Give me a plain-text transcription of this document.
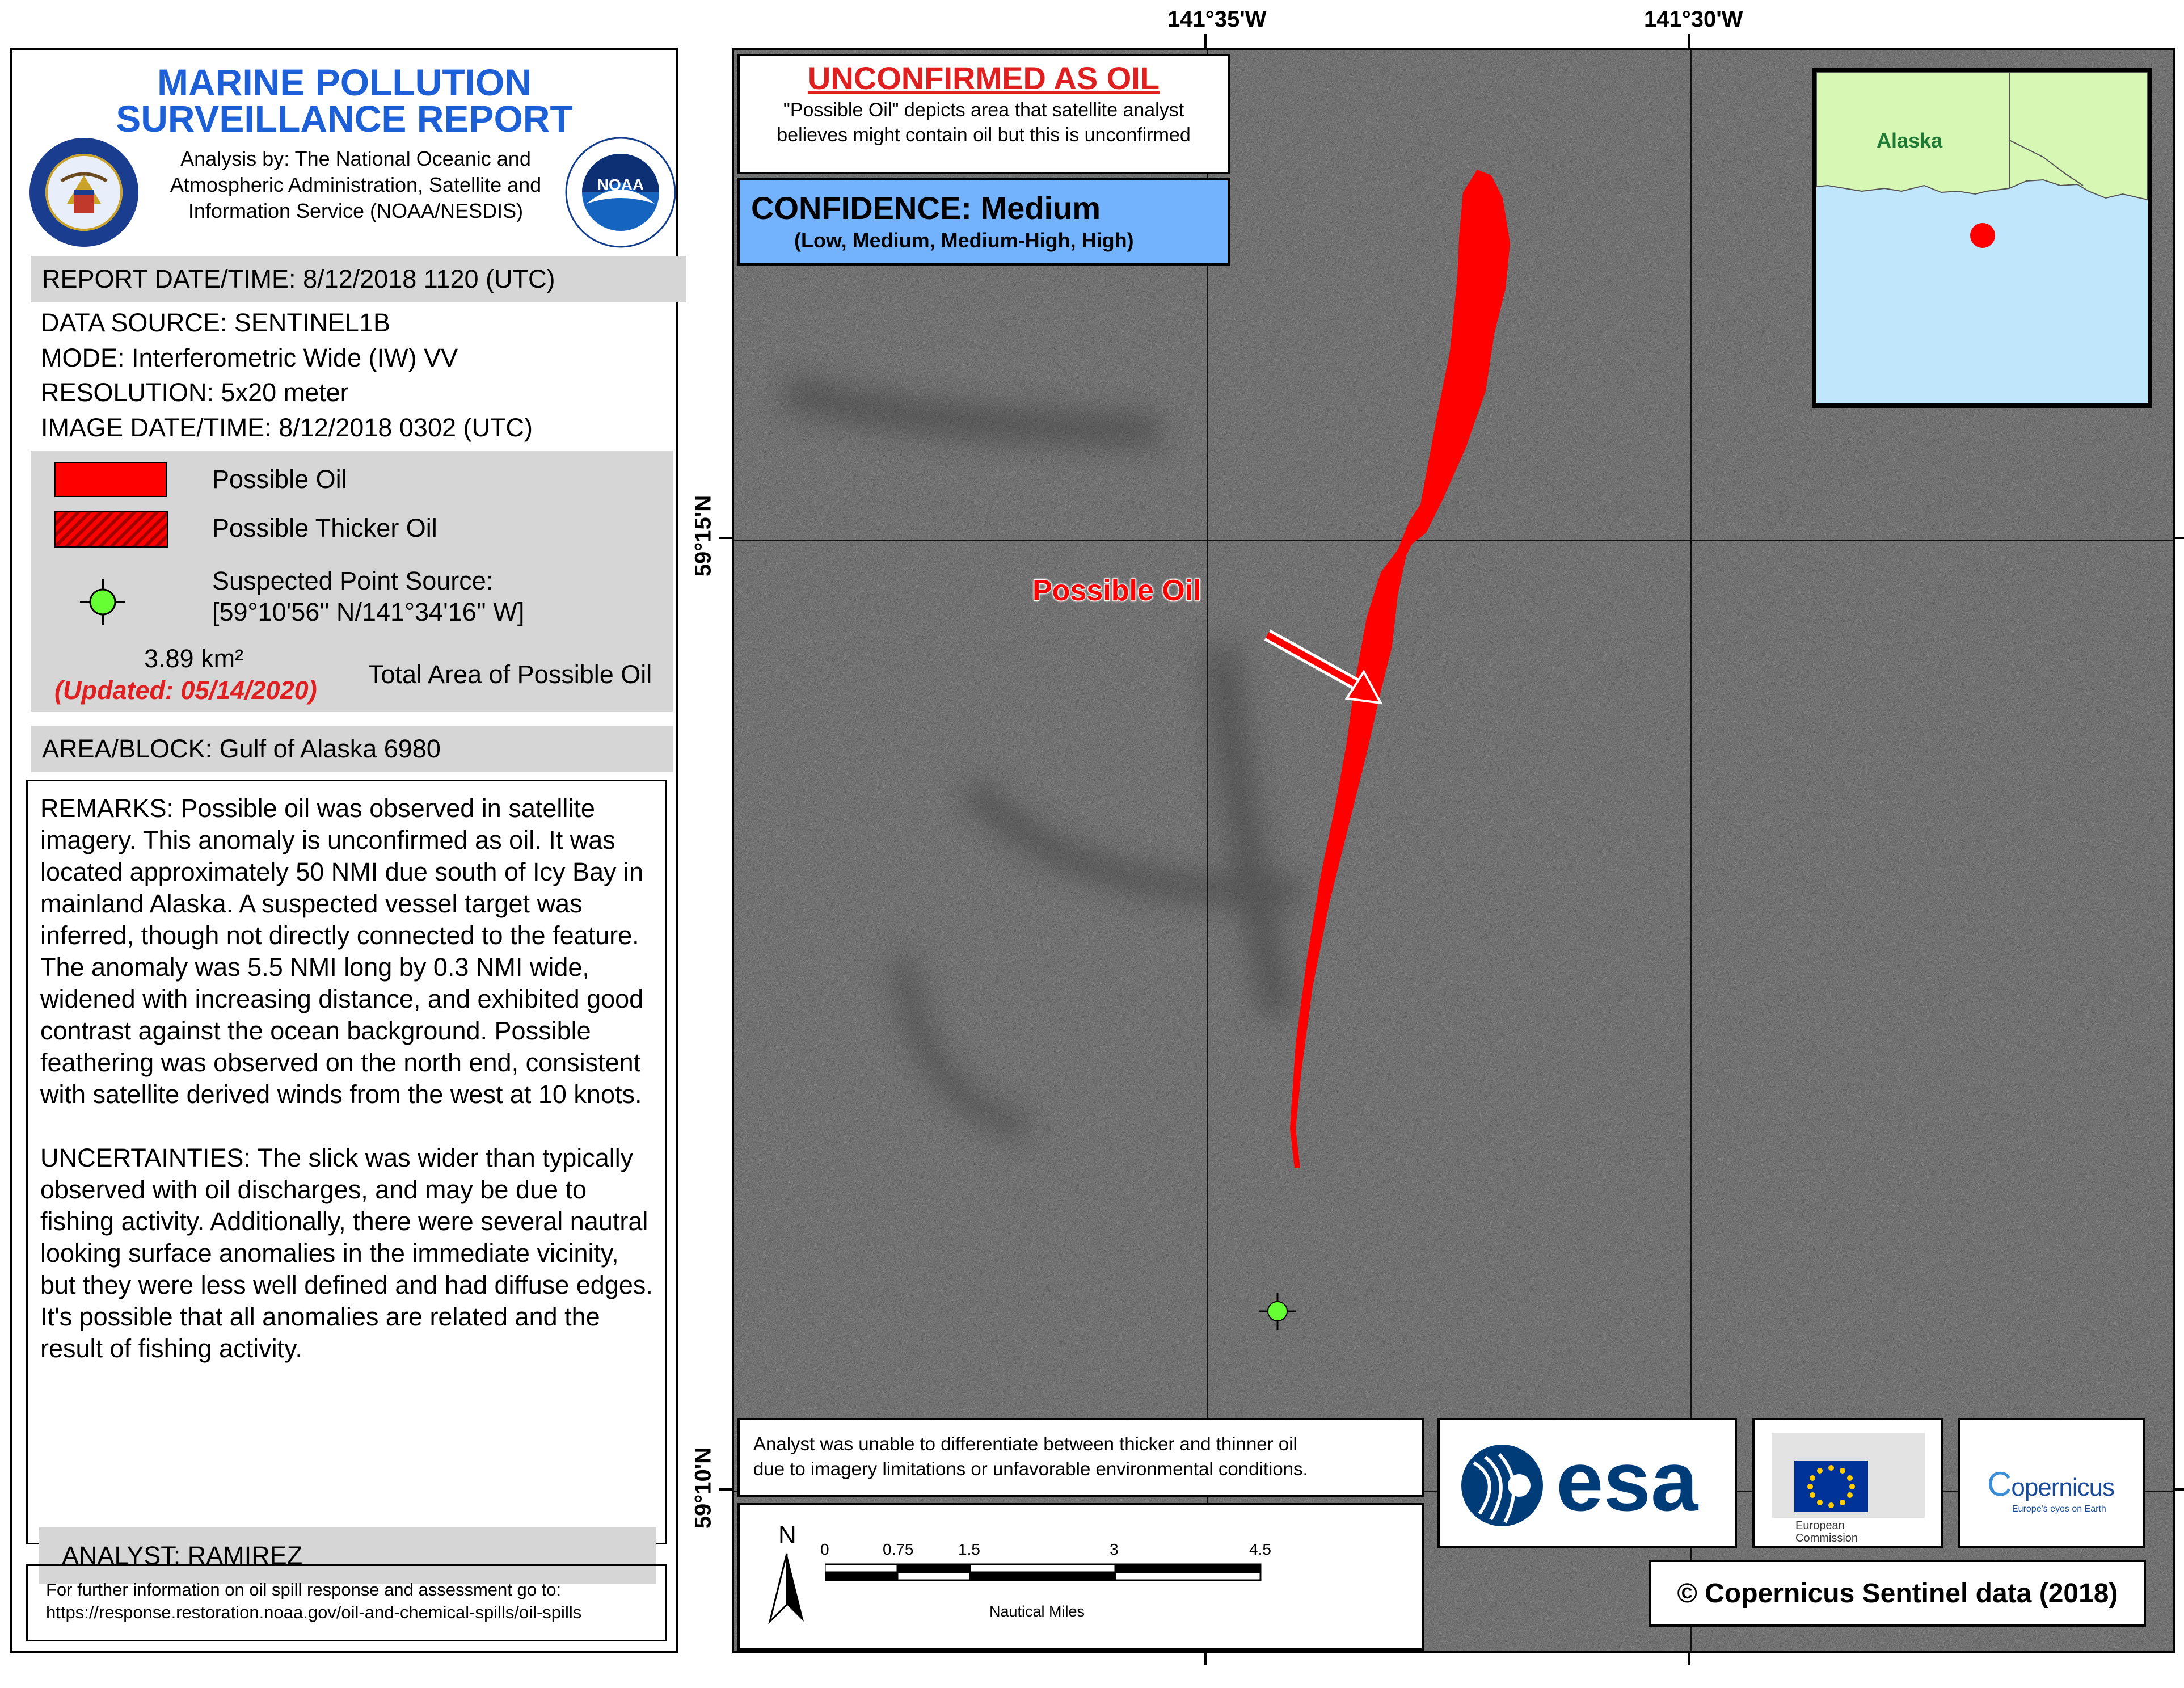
MARINE POLLUTION
SURVEILLANCE REPORT
Analysis by: The National Oceanic and
Atmospheric Administration, Satellite and
Information Service (NOAA/NESDIS)
NOAA
REPORT DATE/TIME: 8/12/2018 1120 (UTC)
DATA SOURCE: SENTINEL1B
MODE: Interferometric Wide (IW) VV
RESOLUTION: 5x20 meter
IMAGE DATE/TIME: 8/12/2018 0302 (UTC)
Possible Oil
Possible Thicker Oil
Suspected Point Source:
[59°10'56'' N/141°34'16'' W]
3.89 km²
(Updated: 05/14/2020)
Total Area of Possible Oil
AREA/BLOCK: Gulf of Alaska 6980
REMARKS: Possible oil was observed in satellite imagery. This anomaly is unconfirmed as oil. It was located approximately 50 NMI due south of Icy Bay in mainland Alaska. A suspected vessel target was inferred, though not directly connected to the feature. The anomaly was 5.5 NMI long by 0.3 NMI wide, widened with increasing distance, and exhibited good contrast against the ocean background. Possible feathering was observed on the north end, consistent with satellite derived winds from the west at 10 knots.
UNCERTAINTIES: The slick was wider than typically observed with oil discharges, and may be due to fishing activity. Additionally, there were several nautral looking surface anomalies in the immediate vicinity, but they were less well defined and had diffuse edges. It's possible that all anomalies are related and the result of fishing activity.
ANALYST: RAMIREZ
For further information on oil spill response and assessment go to:
https://response.restoration.noaa.gov/oil-and-chemical-spills/oil-spills
141°35'W	141°30'W
59°15'N
59°10'N
Possible Oil
UNCONFIRMED AS OIL
"Possible Oil" depicts area that satellite analyst
believes might contain oil but this is unconfirmed
CONFIDENCE: Medium
(Low, Medium, Medium-High, High)
Alaska
Analyst was unable to differentiate between thicker and thinner oil
due to imagery limitations or unfavorable environmental conditions.
N
0	0.75	1.5	3	4.5
Nautical Miles
esa	European
Commission
Copernicus
Europe's eyes on Earth
© Copernicus Sentinel data (2018)
